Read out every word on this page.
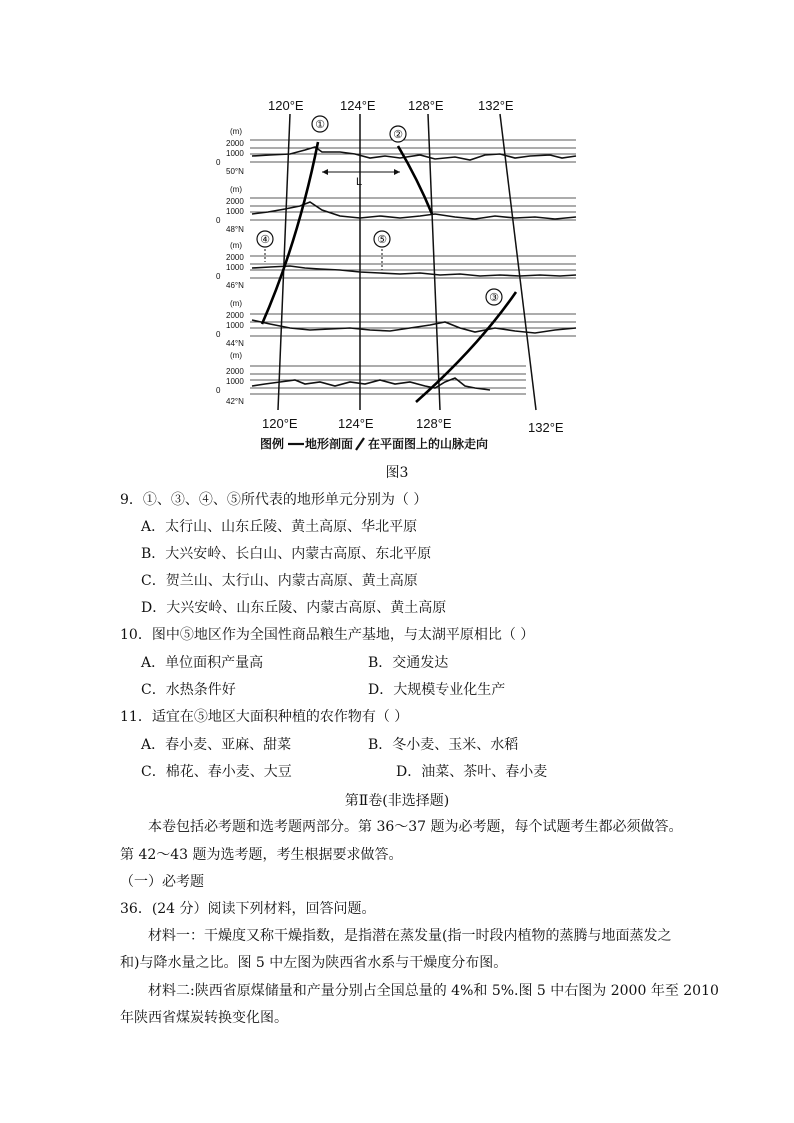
120°E	124°E 128°E	132°E
(m)
2000
1000
0
50°N
(m)
2000
1000
0
48°N
(m)
2000
1000
0
46°N
(m)
2000
1000
0
44°N
(m)
2000
1000
0
42°N
①
②
③
④	⑤
L
120°E	124°E	128°E	132°E
图例 地形剖面 在平面图上的山脉走向
图3
9．①、③、④、⑤所代表的地形单元分别为（ ）
A．太行山、山东丘陵、黄土高原、华北平原
B．大兴安岭、长白山、内蒙古高原、东北平原
C．贺兰山、太行山、内蒙古高原、黄土高原
D．大兴安岭、山东丘陵、内蒙古高原、黄土高原
10．图中⑤地区作为全国性商品粮生产基地，与太湖平原相比（ ）
A．单位面积产量高	B．交通发达
C．水热条件好	D．大规模专业化生产
11．适宜在⑤地区大面积种植的农作物有（ ）
A．春小麦、亚麻、甜菜	B．冬小麦、玉米、水稻
C．棉花、春小麦、大豆	D．油菜、茶叶、春小麦
第Ⅱ卷(非选择题)
本卷包括必考题和选考题两部分。第 36～37 题为必考题，每个试题考生都必须做答。
第 42～43 题为选考题，考生根据要求做答。
（一）必考题
36．(24 分）阅读下列材料，回答问题。
材料一：干燥度又称干燥指数，是指潜在蒸发量(指一时段内植物的蒸腾与地面蒸发之
和)与降水量之比。图 5 中左图为陕西省水系与干燥度分布图。
材料二:陕西省原煤储量和产量分别占全国总量的 4%和 5%.图 5 中右图为 2000 年至 2010
年陕西省煤炭转换变化图。
